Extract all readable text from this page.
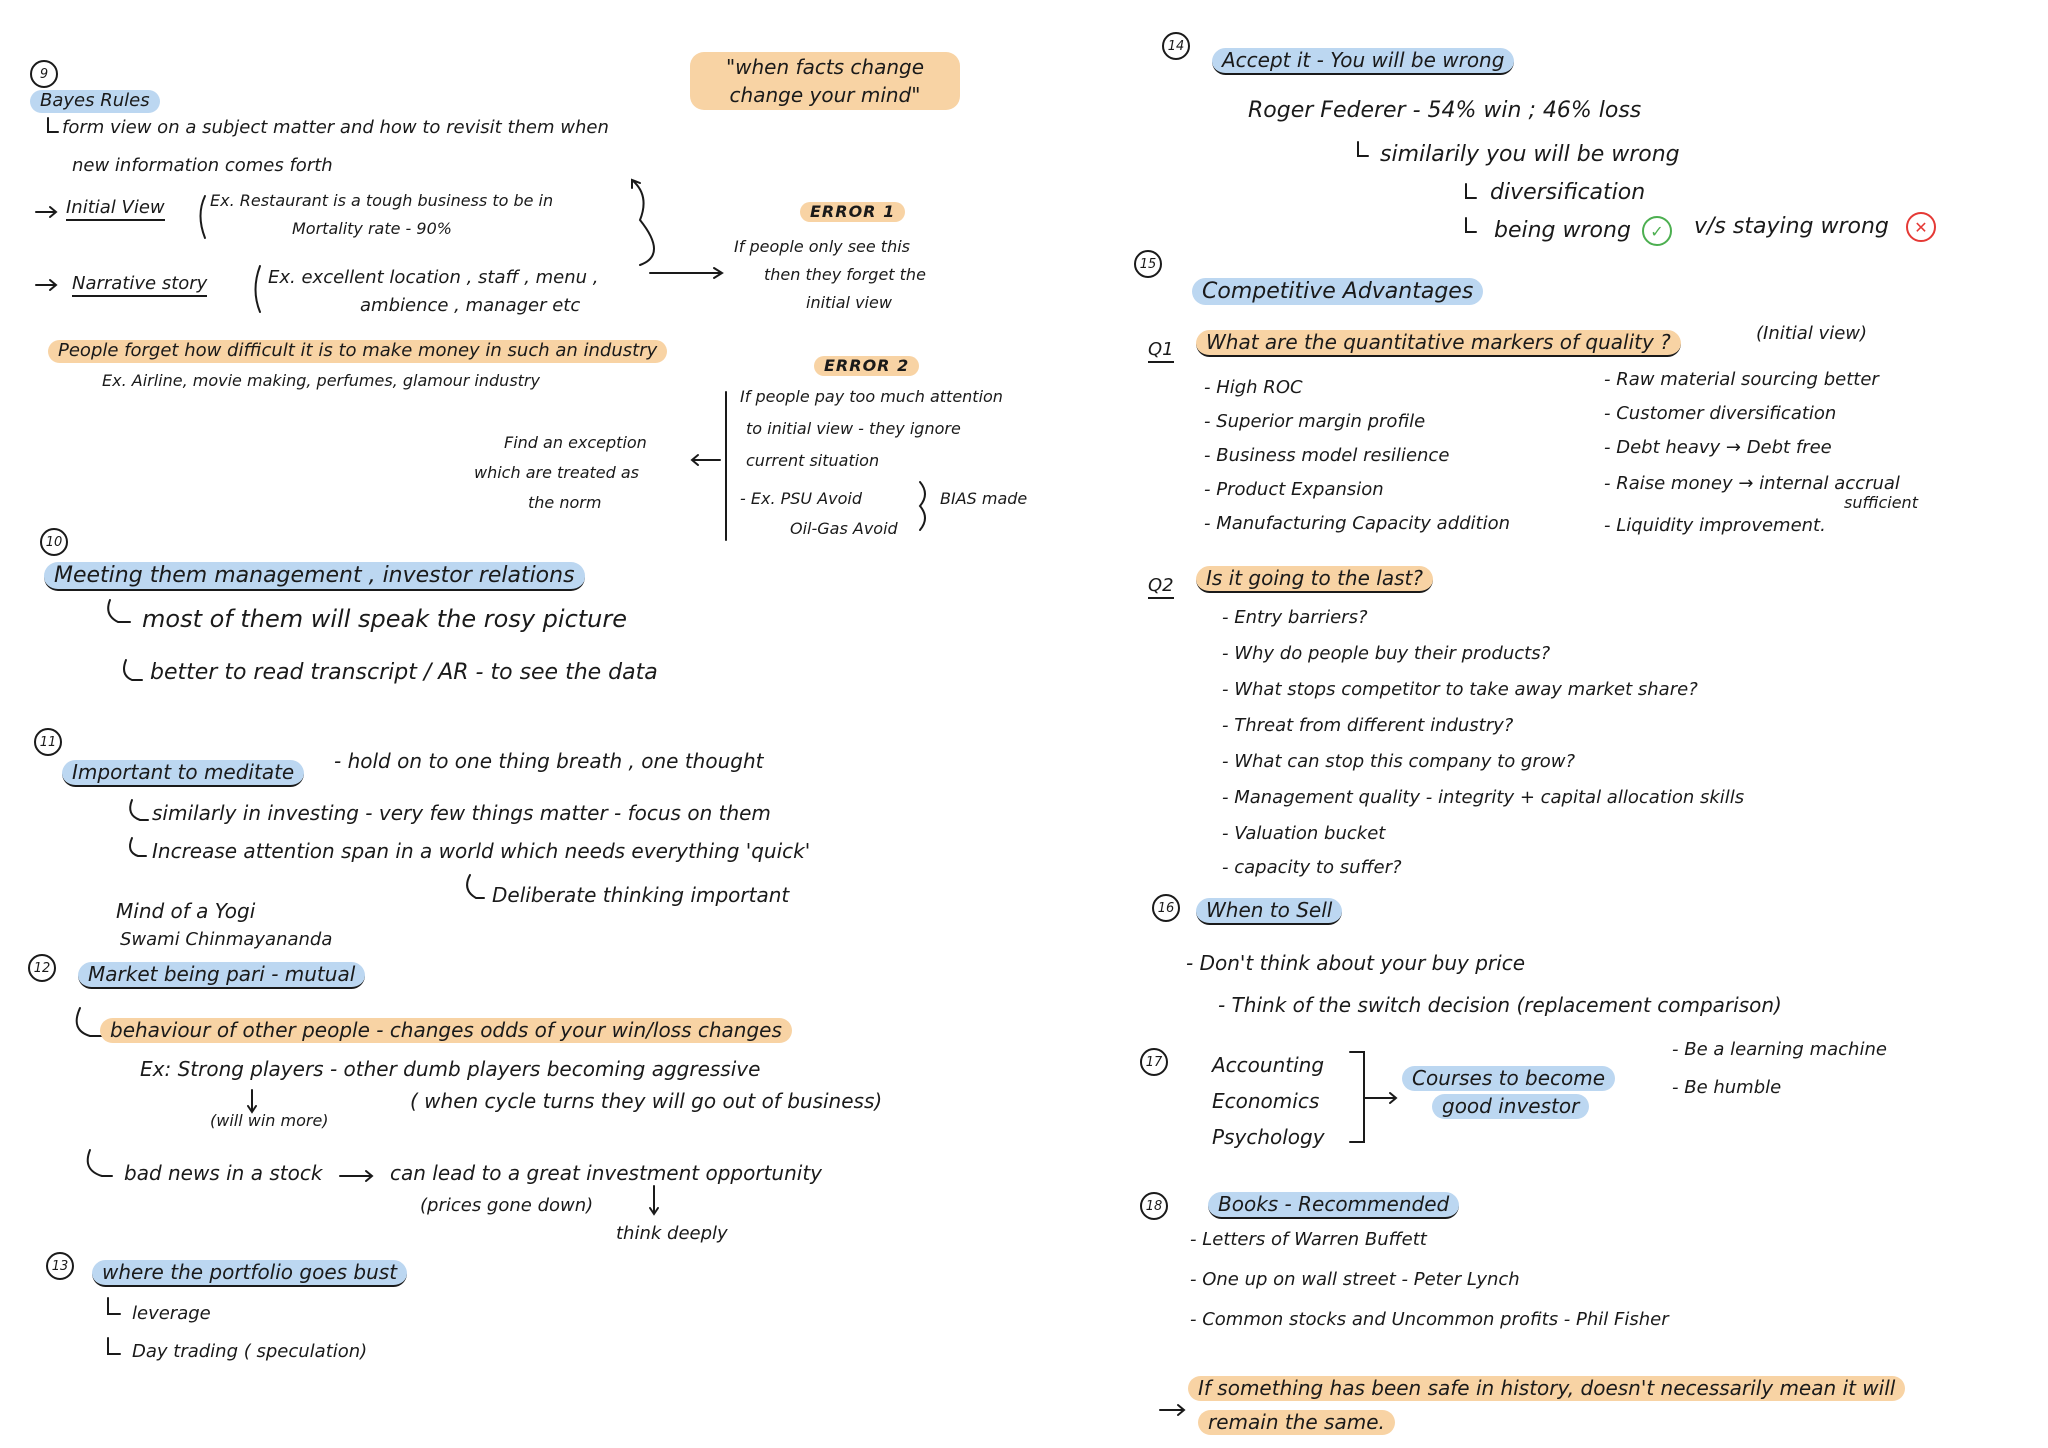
9
Bayes Rules
"when facts change change your mind"
form view on a subject matter and how to revisit them when
new information comes forth
Initial View	Ex. Restaurant is a tough business to be in
Mortality rate - 90%
Narrative story	Ex. excellent location , staff , menu ,
ambience , manager etc
ERROR 1
If people only see this
then they forget the
initial view
People forget how difficult it is to make money in such an industry
Ex. Airline, movie making, perfumes, glamour industry
ERROR 2
If people pay too much attention
to initial view - they ignore
current situation
- Ex. PSU Avoid
Oil-Gas Avoid
BIAS made
Find an exception
which are treated as
the norm
10
Meeting them management , investor relations
most of them will speak the rosy picture
better to read transcript / AR - to see the data
11
Important to meditate	- hold on to one thing breath , one thought
similarly in investing - very few things matter - focus on them
Increase attention span in a world which needs everything 'quick'
Deliberate thinking important
Mind of a Yogi
Swami Chinmayananda
12	Market being pari - mutual
behaviour of other people - changes odds of your win/loss changes
Ex: Strong players - other dumb players becoming aggressive
(will win more)
( when cycle turns they will go out of business)
bad news in a stock	can lead to a great investment opportunity
(prices gone down)
think deeply
13	where the portfolio goes bust
leverage
Day trading ( speculation)
14
Accept it - You will be wrong
Roger Federer - 54% win ; 46% loss
similarily you will be wrong
diversification
being wrong	✓	v/s staying wrong	✕
15
Competitive Advantages
Q1	What are the quantitative markers of quality ?	(Initial view)
- High ROC
- Superior margin profile
- Business model resilience
- Product Expansion
- Manufacturing Capacity addition
- Raw material sourcing better
- Customer diversification
- Debt heavy → Debt free
- Raise money → internal accrual
sufficient
- Liquidity improvement.
Q2	Is it going to the last?
- Entry barriers?
- Why do people buy their products?
- What stops competitor to take away market share?
- Threat from different industry?
- What can stop this company to grow?
- Management quality - integrity + capital allocation skills
- Valuation bucket
- capacity to suffer?
16	When to Sell
- Don't think about your buy price
- Think of the switch decision (replacement comparison)
17 Accounting
Economics
Psychology
Courses to become
good investor
- Be a learning machine
- Be humble
18	Books - Recommended
- Letters of Warren Buffett
- One up on wall street - Peter Lynch
- Common stocks and Uncommon profits - Phil Fisher
If something has been safe in history, doesn't necessarily mean it will
remain the same.
